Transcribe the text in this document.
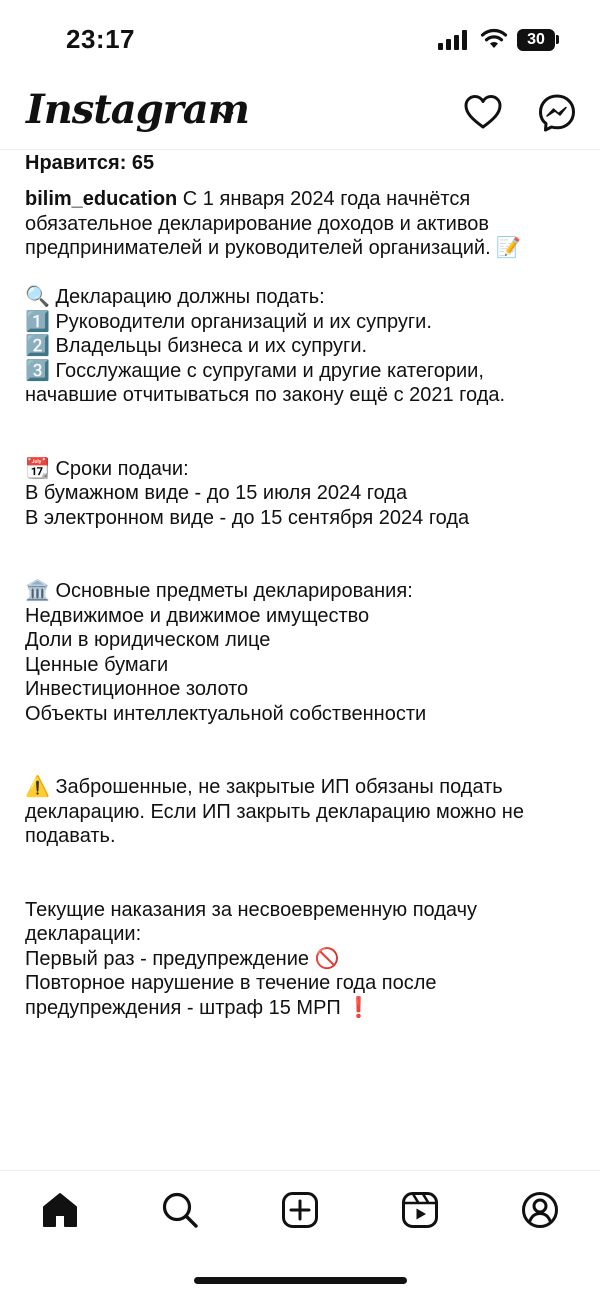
23:17	30
Instagram
Нравится: 65
bilim_education С 1 января 2024 года начнётся обязательное декларирование доходов и активов предпринимателей и руководителей организаций. 📝

🔍 Декларацию должны подать:
1️⃣ Руководители организаций и их супруги.
2️⃣ Владельцы бизнеса и их супруги.
3️⃣ Госслужащие с супругами и другие категории, начавшие отчитываться по закону ещё с 2021 года.

📆 Сроки подачи:
В бумажном виде - до 15 июля 2024 года
В электронном виде - до 15 сентября 2024 года

🏛️ Основные предметы декларирования:
Недвижимое и движимое имущество
Доли в юридическом лице
Ценные бумаги
Инвестиционное золото
Объекты интеллектуальной собственности

⚠️ Заброшенные, не закрытые ИП обязаны подать декларацию. Если ИП закрыть декларацию можно не подавать.

Текущие наказания за несвоевременную подачу декларации:
Первый раз - предупреждение 🚫
Повторное нарушение в течение года после предупреждения - штраф 15 МРП ❗
